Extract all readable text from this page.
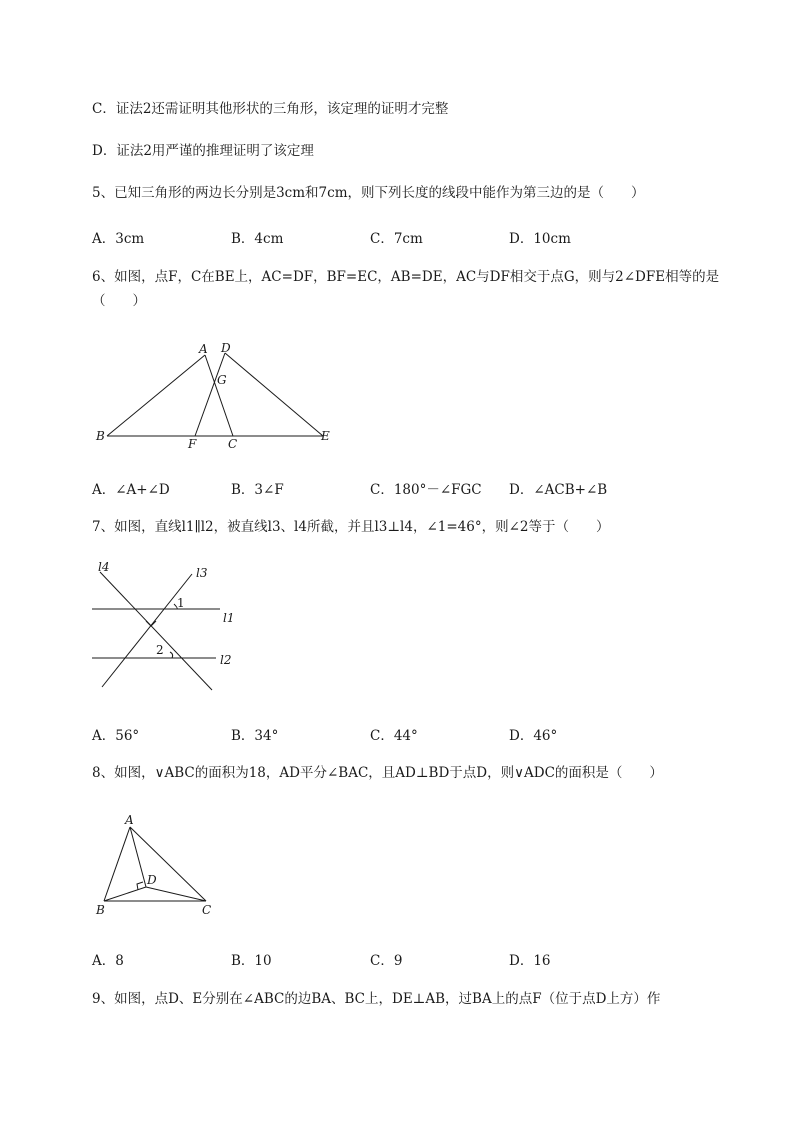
C．证法2还需证明其他形状的三角形，该定理的证明才完整
D．证法2用严谨的推理证明了该定理
5、已知三角形的两边长分别是3cm和7cm，则下列长度的线段中能作为第三边的是（　　）
A．3cm	B．4cm	C．7cm	D．10cm
6、如图，点F，C在BE上，AC=DF，BF=EC，AB=DE，AC与DF相交于点G，则与2∠DFE相等的是
（　　）
A D
G
B
F	C
E
A．∠A+∠D	B．3∠F	C．180°－∠FGC D．∠ACB+∠B
7、如图，直线l1∥l2，被直线l3、l4所截，并且l3⊥l4，∠1=46°，则∠2等于（　　）
l4	l3
1
l1
2
l2
A．56°	B．34°	C．44°	D．46°
8、如图，∨ABC的面积为18，AD平分∠BAC，且AD⊥BD于点D，则∨ADC的面积是（　　）
A
D
B	C
A．8	B．10	C．9	D．16
9、如图，点D、E分别在∠ABC的边BA、BC上，DE⊥AB，过BA上的点F（位于点D上方）作
